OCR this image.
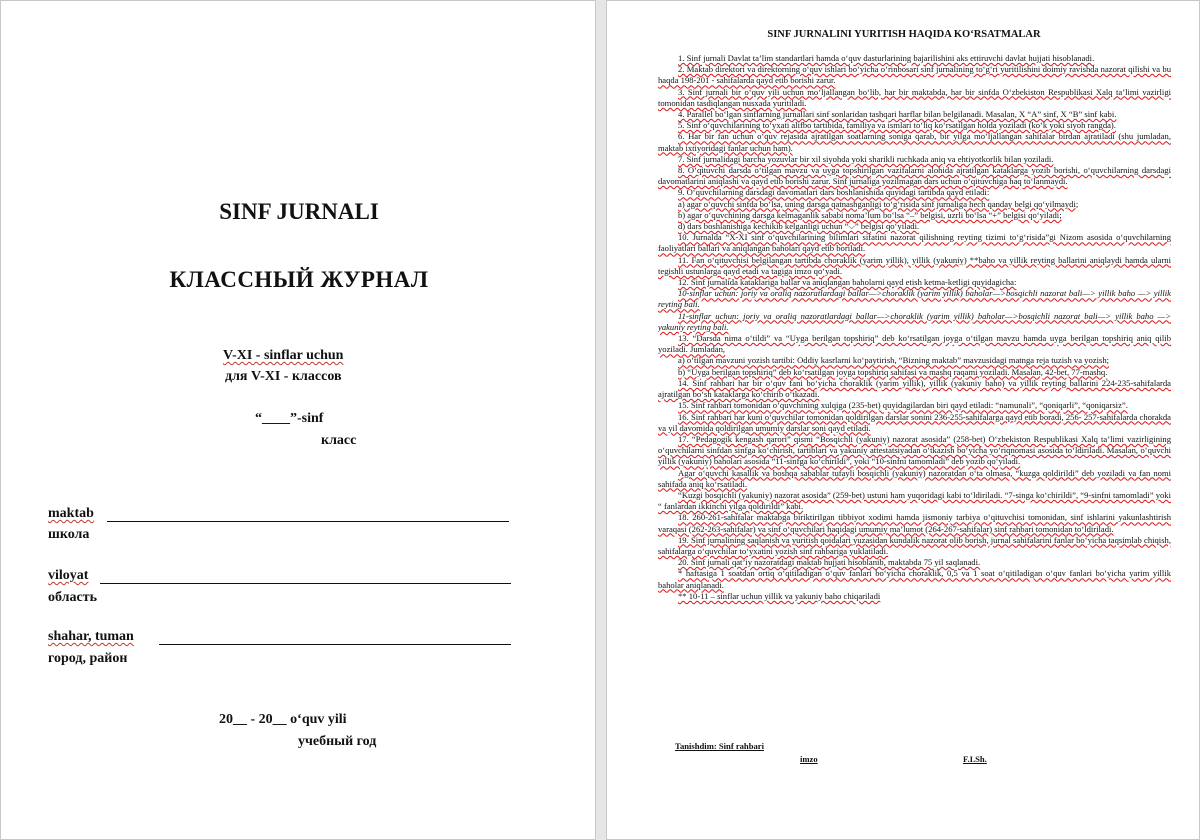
SINF JURNALI
КЛАССНЫЙ ЖУРНАЛ
V-XI - sinflar uchun
для V-XI - классов
“____”-sinf
класс
maktab
школа
viloyat
область
shahar, tuman
город, район
20__ - 20__ o‘quv yili
учебный год
SINF JURNALINI YURITISH HAQIDA KO‘RSATMALAR

1. Sinf jurnali Davlat ta’lim standartlari hamda o‘quv dasturlarining bajarilishini aks ettiruvchi davlat hujjati hisoblanadi.

2. Maktab direktori va direktorning o‘quv ishlari bo‘yicha o‘rinbosari sinf jurnalining to‘g‘ri yuritilishini doimiy ravishda nazorat qilishi va bu haqda 198-201 - sahifalarda qayd etib borishi zarur.

3. Sinf jurnali bir o‘quv yili uchun mo‘ljallangan bo‘lib, har bir maktabda, har bir sinfda O‘zbekiston Respublikasi Xalq ta’limi vazirligi tomonidan tasdiqlangan nusxada yuritiladi.

4. Parallel bo‘lgan sinflarning jurnallari sinf sonlaridan tashqari harflar bilan belgilanadi. Masalan, X “A” sinf, X “B” sinf kabi.

5. Sinf o‘quvchilarining to‘yxati alifbo tartibida, familiya va ismlari to‘liq ko‘rsatilgan holda yoziladi (ko‘k yoki siyoh rangda).

6. Har bir fan uchun o‘quv rejasida ajratilgan soatlarning soniga qarab, bir yilga mo‘ljallangan sahifalar birdan ajratiladi (shu jumladan, maktab ixtiyoridagi fanlar uchun ham).

7. Sinf jurnalidagi barcha yozuvlar bir xil siyohda yoki sharikli ruchkada aniq va ehtiyotkorlik bilan yoziladi.

8. O‘qituvchi darsda o‘tilgan mavzu va uyga topshirilgan vazifalarni alohida ajratilgan kataklarga yozib borishi, o‘quvchilarning darsdagi davomatlarini aniqlashi va qayd etib borishi zarur. Sinf jurnaliga yozilmagan dars uchun o‘qituvchiga haq to‘lanmaydi.

9. O‘quvchilarning darsdagi davomatlari dars boshlanishida quyidagi tartibda qayd etiladi:

a) agar o‘quvchi sinfda bo‘lsa, uning darsga qatnashganligi to‘g‘risida sinf jurnaliga hech qanday belgi qo‘yilmaydi;

b) agar o‘quvchining darsga kelmaganlik sababi noma’lum bo‘lsa “–” belgisi, uzrli bo‘lsa “+” belgisi qo‘yiladi;

d) dars boshlanishiga kechikib kelganligi uchun “⌵” belgisi qo‘yiladi.

10. Jurnalda “X-XI sinf o‘quvchilarining bilimlari sifatini nazorat qilishning reyting tizimi to‘g‘risida”gi Nizom asosida o‘quvchilarning faoliyatlari ballari va aniqlangan baholari qayd etib boriladi.

11. Fan o‘qituvchisi belgilangan tartibda choraklik (yarim yillik), yillik (yakuniy) **baho va yillik reyting ballarini aniqlaydi hamda ularni tegishli ustunlarga qayd etadi va tagiga imzo qo‘yadi.

12. Sinf jurnalida kataklariga ballar va aniqlangan baholarni qayd etish ketma-ketligi quyidagicha:

10-sinflar uchun: joriy va oraliq nazoratlardagi ballar—>choraklik (yarim yillik) baholar—>bosqichli nazorat bali—> yillik baho —> yillik reyting bali.

11-sinflar uchun: joriy va oraliq nazoratlardagi ballar—>choraklik (yarim yillik) baholar—>bosqichli nazorat bali—> yillik baho —> yakuniy reyting bali.

13. “Darsda nima o‘tildi” va “Uyga berilgan topshiriq” deb ko‘rsatilgan joyga o‘tilgan mavzu hamda uyga berilgan topshiriq aniq qilib yoziladi. Jumladan,

a) o‘tilgan mavzuni yozish tartibi: Oddiy kasrlarni ko‘paytirish, “Bizning maktab” mavzusidagi matnga reja tuzish va yozish;

b) “Uyga berilgan topshiriq” deb ko‘rsatilgan joyga topshiriq sahifasi va mashq raqami yoziladi. Masalan, 42-bet, 77-mashq.

14. Sinf rahbari har bir o‘quv fani bo‘yicha choraklik (yarim yillik), yillik (yakuniy baho) va yillik reyting ballarini 224-235-sahifalarda ajratilgan bo‘sh kataklarga ko‘chirib o‘tkazadi.

15. Sinf rahbari tomonidan o‘quvchining xulqiga (235-bet) quyidagilardan biri qayd etiladi: “namunali”, “qoniqarli”, “qoniqarsiz”.

16. Sinf rahbari har kuni o‘quvchilar tomonidan qoldirilgan darslar sonini 236-255-sahifalarga qayd etib boradi, 256- 257-sahifalarda chorakda va yil davomida qoldirilgan umumiy darslar soni qayd etiladi.

17. “Pedagogik kengash qarori” qismi “Bosqichli (yakuniy) nazorat asosida” (258-bet) O‘zbekiston Respublikasi Xalq ta’limi vazirligining o‘quvchilarni sinfdan sinfga ko‘chirish, tartiblari va yakuniy attestatsiyadan o‘tkazish bo‘yicha yo‘riqnomasi asosida to‘ldiriladi. Masalan, o‘quvchi yillik (yakuniy) baholari asosida “11-sinfga ko‘chirildi”, yoki “10-sinfni tamomladi” deb yozib qo‘yiladi.

Agar o‘quvchi kasallik va boshqa sabablar tufayli bosqichli (yakuniy) nazoratdan o‘ta olmasa, “kuzga qoldirildi” deb yoziladi va fan nomi sahifada aniq ko‘rsatiladi.

“Kuzgi bosqichli (yakuniy) nazorat asosida” (259-bet) ustuni ham yuqoridagi kabi to‘ldiriladi. “7-singa ko‘chirildi”, “9-sinfni tamomladi” yoki “ fanlardan ikkinchi yilga qoldirildi” kabi.

18. 260-261-sahifalar maktabga biriktirilgan tibbiyot xodimi hamda jismoniy tarbiya o‘qituvchisi tomonidan, sinf ishlarini yakunlashtirish varaqasi (262-263-sahifalar) va sinf o‘quvchilari haqidagi umumiy ma’lumot (264-267-sahifalar) sinf rahbari tomonidan to‘ldiriladi.

19. Sinf jurnalining saqlanish va yuritish qoidalari yuzasidan kundalik nazorat olib borish, jurnal sahifalarini fanlar bo‘yicha taqsimlab chiqish, sahifalarga o‘quvchilar to‘yxatini yozish sinf rahbariga yuklatiladi.

20. Sinf jurnali qat’iy nazoratdagi maktab hujjati hisoblanib, maktabda 75 yil saqlanadi.

* haftasiga 1 soatdan ortiq o‘qitiladigan o‘quv fanlari bo‘yicha choraklik, 0,5 va 1 soat o‘qitiladigan o‘quv fanlari bo‘yicha yarim yillik baholar aniqlanadi.

** 10-11 – sinflar uchun yillik va yakuniy baho chiqariladi

Tanishdim: Sinf rahbari
imzo	F.I.Sh.
